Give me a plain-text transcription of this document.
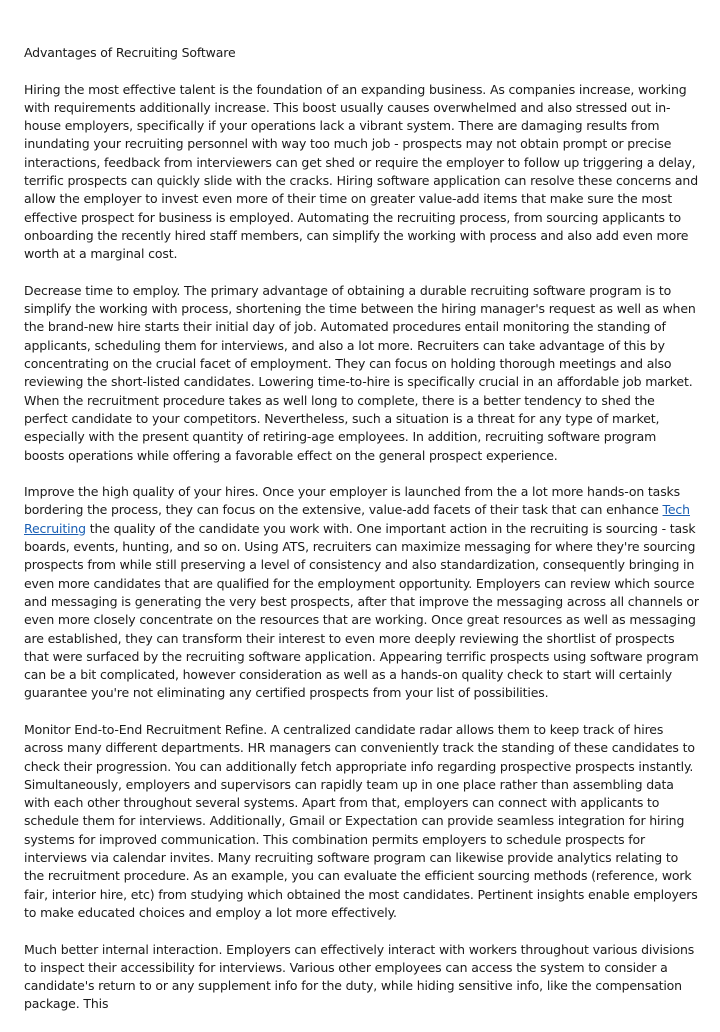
Advantages of Recruiting Software

Hiring the most effective talent is the foundation of an expanding business. As companies increase, working with requirements additionally increase. This boost usually causes overwhelmed and also stressed out in-house employers, specifically if your operations lack a vibrant system. There are damaging results from inundating your recruiting personnel with way too much job - prospects may not obtain prompt or precise interactions, feedback from interviewers can get shed or require the employer to follow up triggering a delay, terrific prospects can quickly slide with the cracks. Hiring software application can resolve these concerns and allow the employer to invest even more of their time on greater value-add items that make sure the most effective prospect for business is employed. Automating the recruiting process, from sourcing applicants to onboarding the recently hired staff members, can simplify the working with process and also add even more worth at a marginal cost.

Decrease time to employ. The primary advantage of obtaining a durable recruiting software program is to simplify the working with process, shortening the time between the hiring manager's request as well as when the brand-new hire starts their initial day of job. Automated procedures entail monitoring the standing of applicants, scheduling them for interviews, and also a lot more. Recruiters can take advantage of this by concentrating on the crucial facet of employment. They can focus on holding thorough meetings and also reviewing the short-listed candidates. Lowering time-to-hire is specifically crucial in an affordable job market. When the recruitment procedure takes as well long to complete, there is a better tendency to shed the perfect candidate to your competitors. Nevertheless, such a situation is a threat for any type of market, especially with the present quantity of retiring-age employees. In addition, recruiting software program boosts operations while offering a favorable effect on the general prospect experience.

Improve the high quality of your hires. Once your employer is launched from the a lot more hands-on tasks bordering the process, they can focus on the extensive, value-add facets of their task that can enhance Tech Recruiting the quality of the candidate you work with. One important action in the recruiting is sourcing - task boards, events, hunting, and so on. Using ATS, recruiters can maximize messaging for where they're sourcing prospects from while still preserving a level of consistency and also standardization, consequently bringing in even more candidates that are qualified for the employment opportunity. Employers can review which source and messaging is generating the very best prospects, after that improve the messaging across all channels or even more closely concentrate on the resources that are working. Once great resources as well as messaging are established, they can transform their interest to even more deeply reviewing the shortlist of prospects that were surfaced by the recruiting software application. Appearing terrific prospects using software program can be a bit complicated, however consideration as well as a hands-on quality check to start will certainly guarantee you're not eliminating any certified prospects from your list of possibilities.

Monitor End-to-End Recruitment Refine. A centralized candidate radar allows them to keep track of hires across many different departments. HR managers can conveniently track the standing of these candidates to check their progression. You can additionally fetch appropriate info regarding prospective prospects instantly. Simultaneously, employers and supervisors can rapidly team up in one place rather than assembling data with each other throughout several systems. Apart from that, employers can connect with applicants to schedule them for interviews. Additionally, Gmail or Expectation can provide seamless integration for hiring systems for improved communication. This combination permits employers to schedule prospects for interviews via calendar invites. Many recruiting software program can likewise provide analytics relating to the recruitment procedure. As an example, you can evaluate the efficient sourcing methods (reference, work fair, interior hire, etc) from studying which obtained the most candidates. Pertinent insights enable employers to make educated choices and employ a lot more effectively.

Much better internal interaction. Employers can effectively interact with workers throughout various divisions to inspect their accessibility for interviews. Various other employees can access the system to consider a candidate's return to or any supplement info for the duty, while hiding sensitive info, like the compensation package. This
